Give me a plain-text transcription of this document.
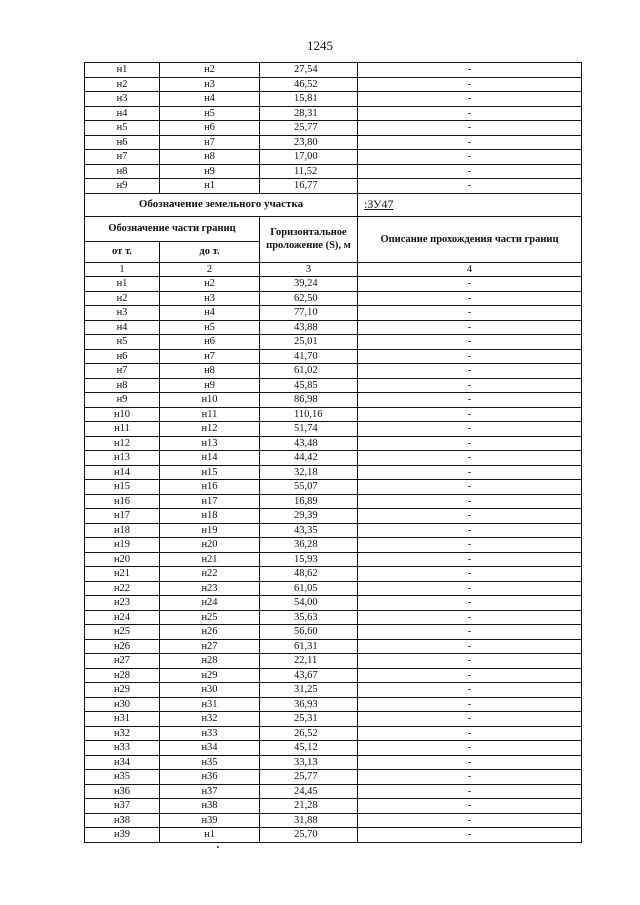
1245
н1	н2	27,54	-
н2	н3	46,52	-
н3	н4	15,81	-
н4	н5	28,31	-
н5	н6	25,77	-
н6	н7	23,80	-
н7	н8	17,00	-
н8	н9	11,52	-
н9	н1	16,77	-
Обозначение земельного участка			:ЗУ47
Обозначение части границ		Горизонтальное проложение (S), м	Описание прохождения части границ
от т.	до т.		
1	2	3	4
н1	н2	39,24	-
н2	н3	62,50	-
н3	н4	77,10	-
н4	н5	43,88	-
н5	н6	25,01	-
н6	н7	41,70	-
н7	н8	61,02	-
н8	н9	45,85	-
н9	н10	86,98	-
н10	н11	110,16	-
н11	н12	51,74	-
н12	н13	43,48	-
н13	н14	44,42	-
н14	н15	32,18	-
н15	н16	55,07	-
н16	н17	16,89	-
н17	н18	29,39	-
н18	н19	43,35	-
н19	н20	36,28	-
н20	н21	15,93	-
н21	н22	48,62	-
н22	н23	61,05	-
н23	н24	54,00	-
н24	н25	35,63	-
н25	н26	56,60	-
н26	н27	61,31	-
н27	н28	22,11	-
н28	н29	43,67	-
н29	н30	31,25	-
н30	н31	36,93	-
н31	н32	25,31	-
н32	н33	26,52	-
н33	н34	45,12	-
н34	н35	33,13	-
н35	н36	25,77	-
н36	н37	24,45	-
н37	н38	21,28	-
н38	н39	31,88	-
н39	н1	25,70	-
